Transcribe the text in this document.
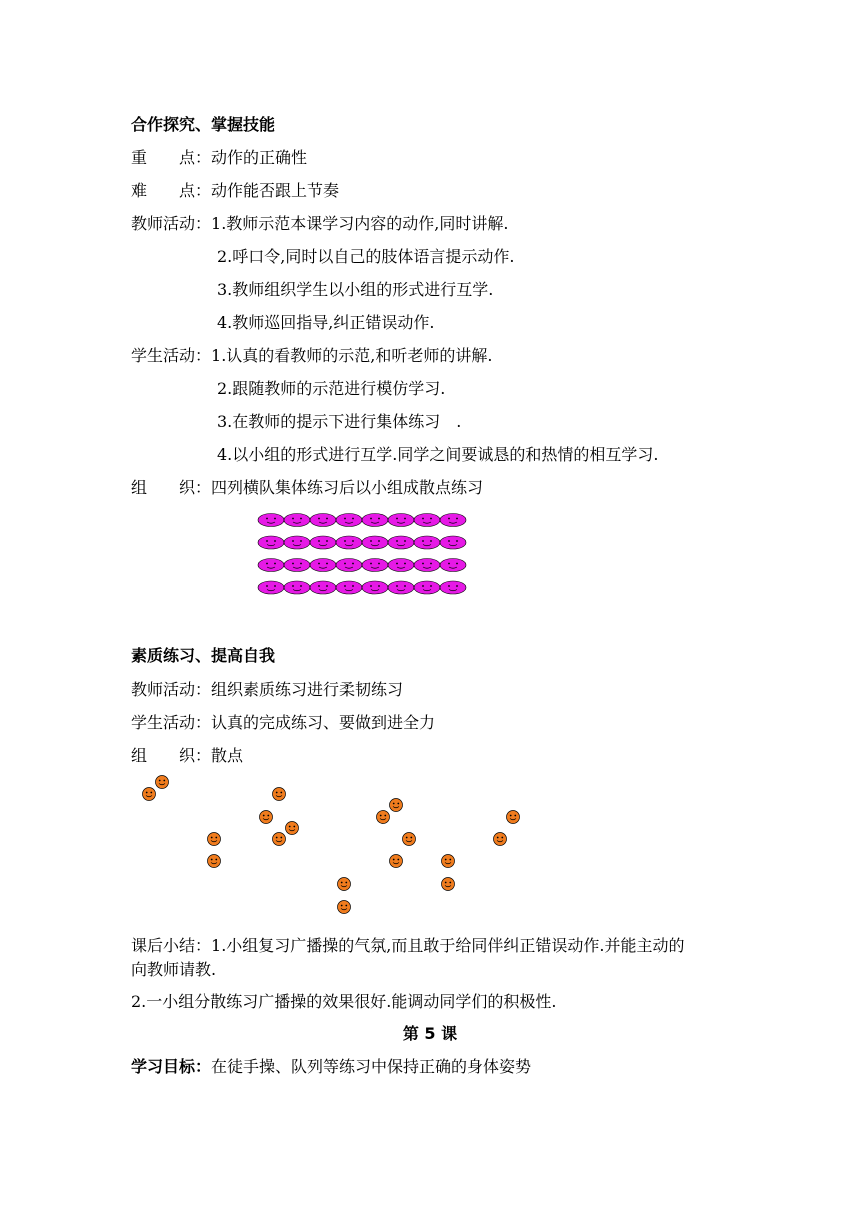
合作探究、掌握技能
重　　点：动作的正确性
难　　点：动作能否跟上节奏
教师活动：1.教师示范本课学习内容的动作,同时讲解.
2.呼口令,同时以自己的肢体语言提示动作.
3.教师组织学生以小组的形式进行互学.
4.教师巡回指导,纠正错误动作.
学生活动：1.认真的看教师的示范,和听老师的讲解.
2.跟随教师的示范进行模仿学习.
3.在教师的提示下进行集体练习　.
4.以小组的形式进行互学.同学之间要诚恳的和热情的相互学习.
组　　织：四列横队集体练习后以小组成散点练习
素质练习、提高自我
教师活动：组织素质练习进行柔韧练习
学生活动：认真的完成练习、要做到进全力
组　　织：散点
课后小结：1.小组复习广播操的气氛,而且敢于给同伴纠正错误动作.并能主动的
向教师请教.
2.一小组分散练习广播操的效果很好.能调动同学们的积极性.
第 5 课
学习目标：在徒手操、队列等练习中保持正确的身体姿势
